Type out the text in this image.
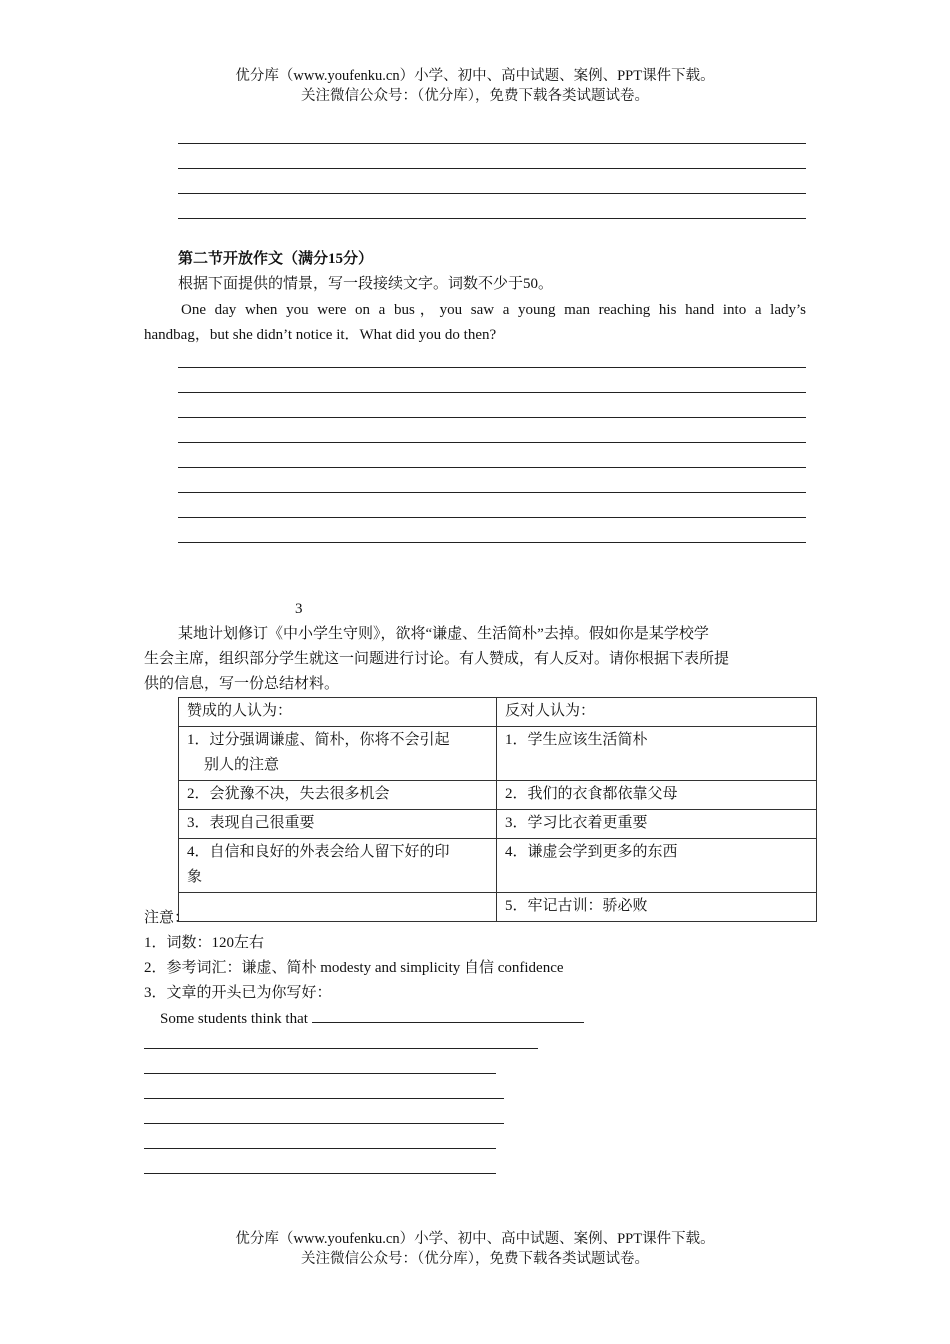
优分库（www.youfenku.cn）小学、初中、高中试题、案例、PPT课件下载。
关注微信公众号：（优分库），免费下载各类试题试卷。
第二节开放作文（满分15分）
根据下面提供的情景，写一段接续文字。词数不少于50。
One day when you were on a bus，you saw a young man reaching his hand into a lady’s
handbag，but she didn’t notice it．What did you do then?
3
某地计划修订《中小学生守则》，欲将“谦虚、生活简朴”去掉。假如你是某学校学
生会主席，组织部分学生就这一问题进行讨论。有人赞成，有人反对。请你根据下表所提
供的信息，写一份总结材料。
赞成的人认为：	反对人认为：

1．过分强调谦虚、简朴，你将不会引起
别人的注意	1．学生应该生活简朴
2．会犹豫不决，失去很多机会	2．我们的衣食都依靠父母
3．表现自己很重要	3．学习比衣着更重要

4．自信和良好的外表会给人留下好的印
象	4．谦虚会学到更多的东西
	5．牢记古训：骄必败
注意：
1．词数：120左右
2．参考词汇：谦虚、简朴 modesty and simplicity 自信 confidence
3．文章的开头已为你写好：
Some students think that
优分库（www.youfenku.cn）小学、初中、高中试题、案例、PPT课件下载。
关注微信公众号：（优分库），免费下载各类试题试卷。
